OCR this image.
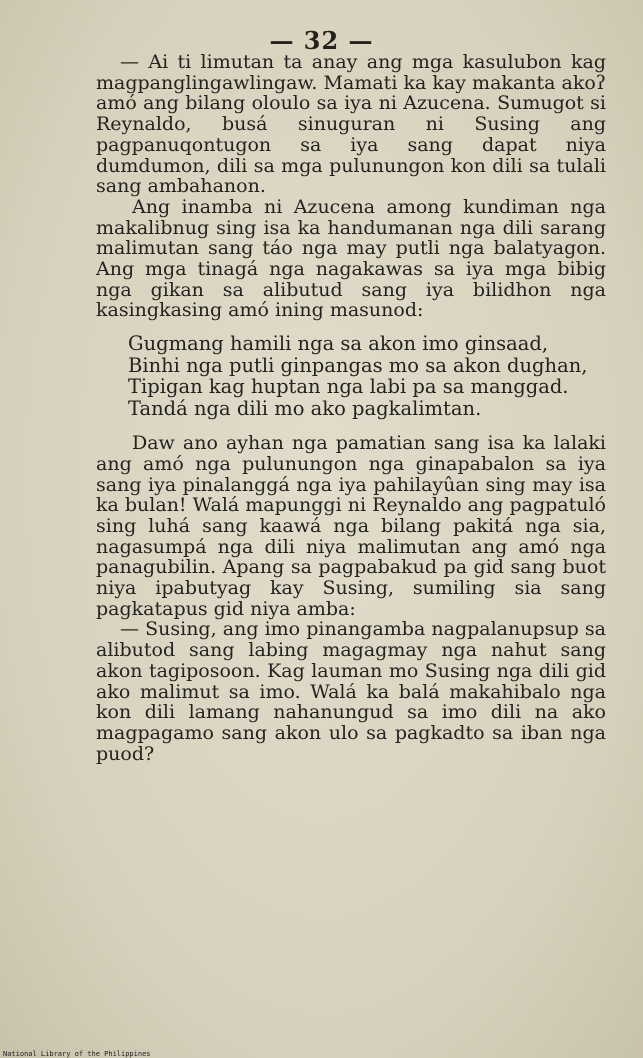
— 32 —

— Ai ti limutan ta anay ang mga kasulubon kag magpanglingawlingaw. Mamati ka kay makanta akoʔ amó ang bilang oloulo sa iya ni Azucena. Sumugot si Reynaldo, busá sinuguran ni Susing ang pagpanuqontugon sa iya sang dapat niya dumdumon, dili sa mga pulunungon kon dili sa tulali sang ambahanon.

Ang inamba ni Azucena among kundiman nga makalibnug sing isa ka handumanan nga dili sarang malimutan sang táo nga may putli nga balatyagon. Ang mga tinagá nga nagakawas sa iya mga bibig nga gikan sa alibutud sang iya bilidhon nga kasingkasing amó ining masunod:

Gugmang hamili nga sa akon imo ginsaad,
Binhi nga putli ginpangas mo sa akon dughan,
Tipigan kag huptan nga labi pa sa manggad.
Tandá nga dili mo ako pagkalimtan.

Daw ano ayhan nga pamatian sang isa ka lalaki ang amó nga pulunungon nga ginapabalon sa iya sang iya pinalanggá nga iya pahilayûan sing may isa ka bulan! Walá mapunggi ni Reynaldo ang pagpatuló sing luhá sang kaawá nga bilang pakitá nga sia, nagasumpá nga dili niya malimutan ang amó nga panagubilin. Apang sa pagpabakud pa gid sang buot niya ipabutyag kay Susing, sumiling sia sang pagkatapus gid niya amba:

— Susing, ang imo pinangamba nagpalanupsup sa alibutod sang labing magagmay nga nahut sang akon tagiposoon. Kag lauman mo Susing nga dili gid ako malimut sa imo. Walá ka balá makahibalo nga kon dili lamang nahanungud sa imo dili na ako magpagamo sang akon ulo sa pagkadto sa iban nga puod?

National Library of the Philippines
